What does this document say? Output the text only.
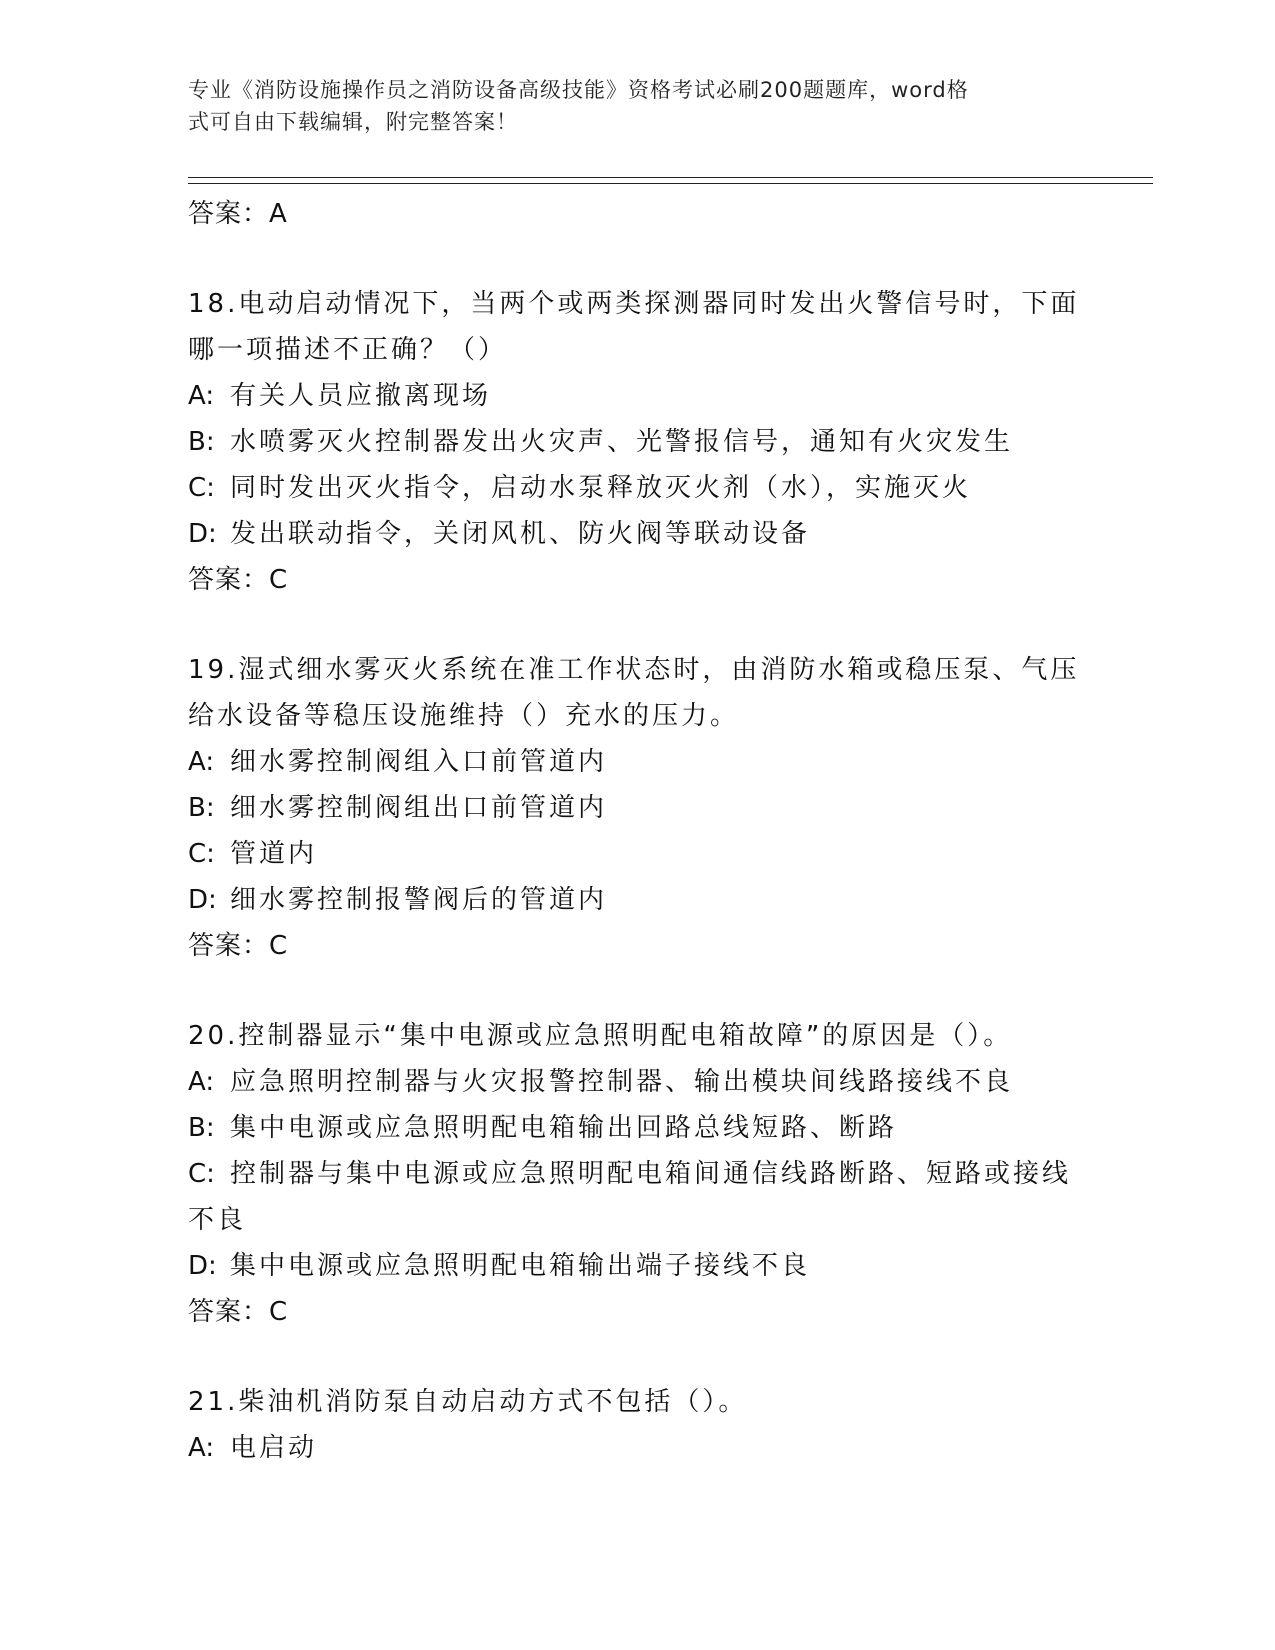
专业《消防设施操作员之消防设备高级技能》资格考试必刷200题题库，word格
式可自由下载编辑，附完整答案！
答案：A
18.电动启动情况下，当两个或两类探测器同时发出火警信号时，下面
哪一项描述不正确？（）
A: 有关人员应撤离现场
B: 水喷雾灭火控制器发出火灾声、光警报信号，通知有火灾发生
C: 同时发出灭火指令，启动水泵释放灭火剂（水），实施灭火
D: 发出联动指令，关闭风机、防火阀等联动设备
答案：C
19.湿式细水雾灭火系统在准工作状态时，由消防水箱或稳压泵、气压
给水设备等稳压设施维持（）充水的压力。
A: 细水雾控制阀组入口前管道内
B: 细水雾控制阀组出口前管道内
C: 管道内
D: 细水雾控制报警阀后的管道内
答案：C
20.控制器显示“集中电源或应急照明配电箱故障”的原因是（）。
A: 应急照明控制器与火灾报警控制器、输出模块间线路接线不良
B: 集中电源或应急照明配电箱输出回路总线短路、断路
C: 控制器与集中电源或应急照明配电箱间通信线路断路、短路或接线
不良
D: 集中电源或应急照明配电箱输出端子接线不良
答案：C
21.柴油机消防泵自动启动方式不包括（）。
A: 电启动
